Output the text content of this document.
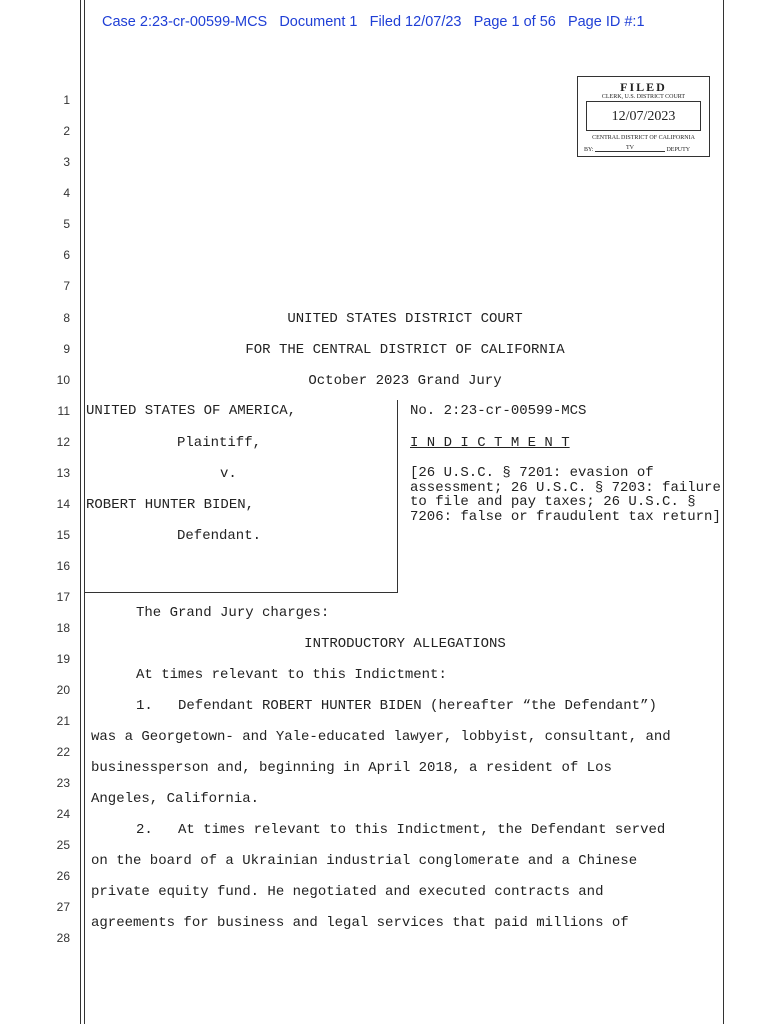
Case 2:23-cr-00599-MCS Document 1 Filed 12/07/23 Page 1 of 56 Page ID #:1
1
2
3
4
5
6
7
8
9
10
11
12
13
14
15
16
17
18
19
20
21
22
23
24
25
26
27
28
FILED
CLERK, U.S. DISTRICT COURT
12/07/2023
CENTRAL DISTRICT OF CALIFORNIA
BY:	TV	DEPUTY
UNITED STATES DISTRICT COURT
FOR THE CENTRAL DISTRICT OF CALIFORNIA
October 2023 Grand Jury
UNITED STATES OF AMERICA,
Plaintiff,
v.
ROBERT HUNTER BIDEN,
Defendant.
No. 2:23-cr-00599-MCS
I N D I C T M E N T
[26 U.S.C. § 7201: evasion of assessment; 26 U.S.C. § 7203: failure to file and pay taxes; 26 U.S.C. § 7206: false or fraudulent tax return]
The Grand Jury charges:
INTRODUCTORY ALLEGATIONS
At times relevant to this Indictment:
1.   Defendant ROBERT HUNTER BIDEN (hereafter “the Defendant”)
was a Georgetown- and Yale-educated lawyer, lobbyist, consultant, and
businessperson and, beginning in April 2018, a resident of Los
Angeles, California.
2.   At times relevant to this Indictment, the Defendant served
on the board of a Ukrainian industrial conglomerate and a Chinese
private equity fund. He negotiated and executed contracts and
agreements for business and legal services that paid millions of
